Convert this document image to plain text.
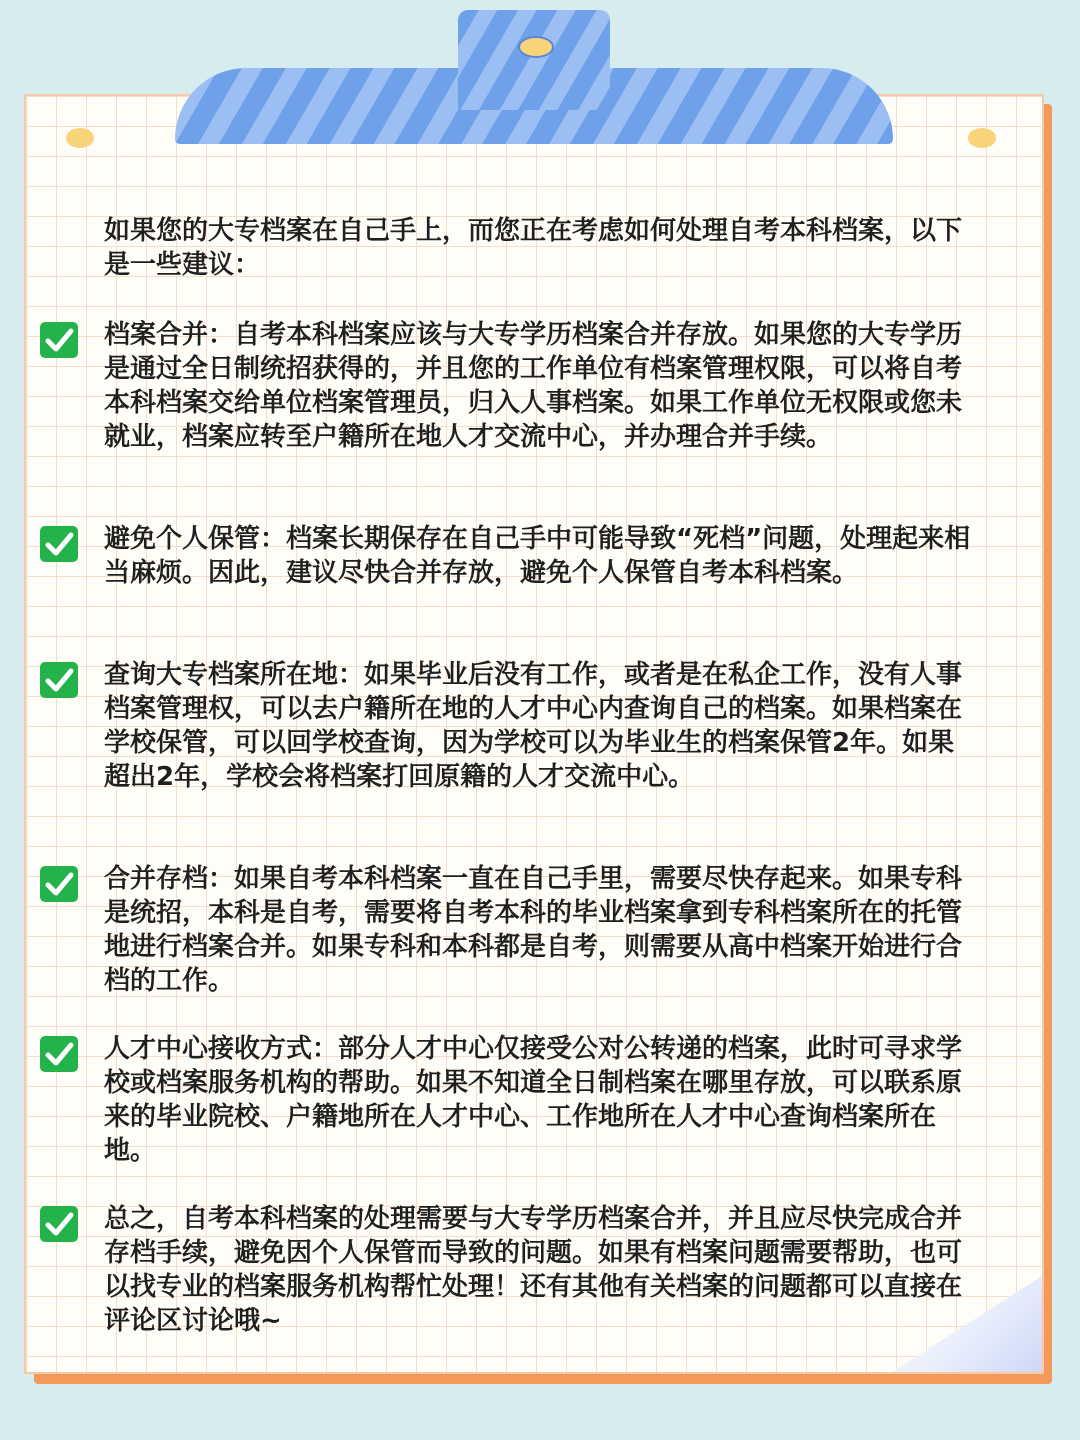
如果您的大专档案在自己手上，而您正在考虑如何处理自考本科档案，以下是一些建议：
档案合并：自考本科档案应该与大专学历档案合并存放。如果您的大专学历是通过全日制统招获得的，并且您的工作单位有档案管理权限，可以将自考本科档案交给单位档案管理员，归入人事档案。如果工作单位无权限或您未就业，档案应转至户籍所在地人才交流中心，并办理合并手续。
避免个人保管：档案长期保存在自己手中可能导致“死档”问题，处理起来相当麻烦。因此，建议尽快合并存放，避免个人保管自考本科档案。
查询大专档案所在地：如果毕业后没有工作，或者是在私企工作，没有人事档案管理权，可以去户籍所在地的人才中心内查询自己的档案。如果档案在学校保管，可以回学校查询，因为学校可以为毕业生的档案保管2年。如果超出2年，学校会将档案打回原籍的人才交流中心。
合并存档：如果自考本科档案一直在自己手里，需要尽快存起来。如果专科是统招，本科是自考，需要将自考本科的毕业档案拿到专科档案所在的托管地进行档案合并。如果专科和本科都是自考，则需要从高中档案开始进行合档的工作。
人才中心接收方式：部分人才中心仅接受公对公转递的档案，此时可寻求学校或档案服务机构的帮助。如果不知道全日制档案在哪里存放，可以联系原来的毕业院校、户籍地所在人才中心、工作地所在人才中心查询档案所在地。
总之，自考本科档案的处理需要与大专学历档案合并，并且应尽快完成合并存档手续，避免因个人保管而导致的问题。如果有档案问题需要帮助，也可以找专业的档案服务机构帮忙处理！还有其他有关档案的问题都可以直接在评论区讨论哦~
